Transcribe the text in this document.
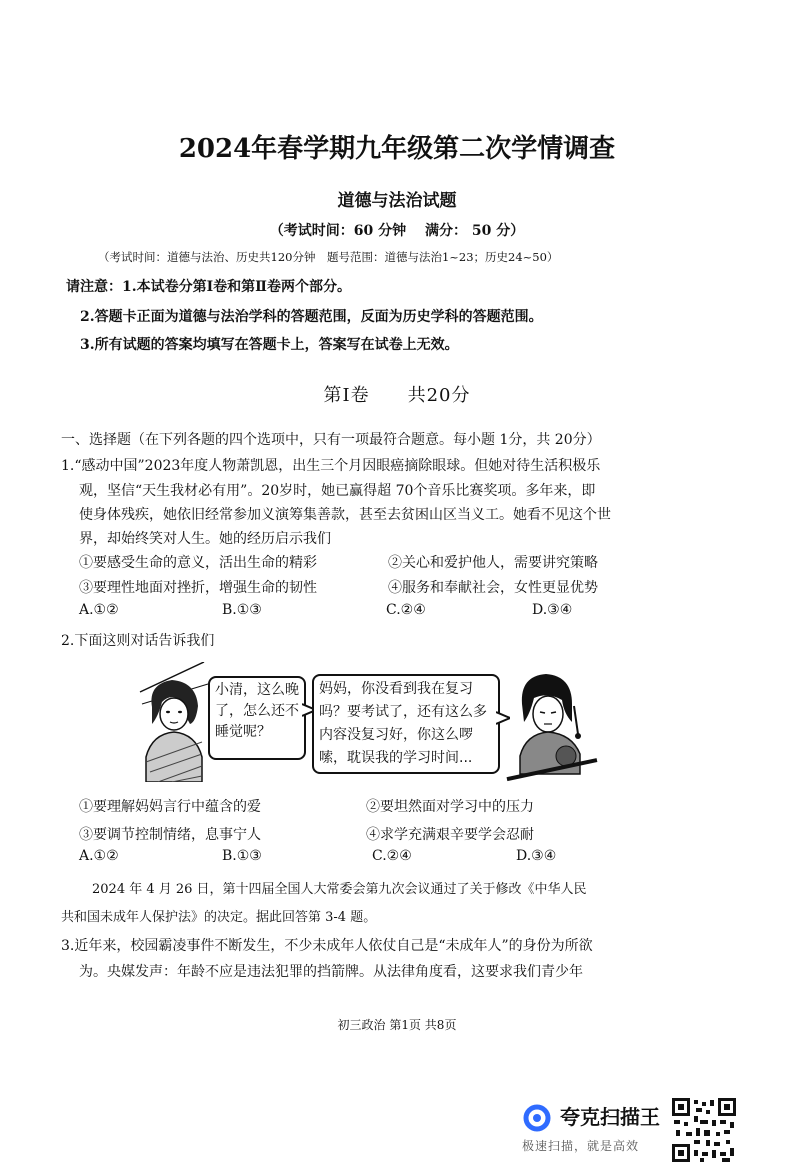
2024年春学期九年级第二次学情调查
道德与法治试题
（考试时间：60 分钟　 满分： 50 分）
（考试时间：道德与法治、历史共120分钟　题号范围：道德与法治1~23；历史24~50）
请注意：1.本试卷分第Ⅰ卷和第Ⅱ卷两个部分。
2.答题卡正面为道德与法治学科的答题范围，反面为历史学科的答题范围。
3.所有试题的答案均填写在答题卡上，答案写在试卷上无效。
第Ⅰ卷　　共20分
一、选择题（在下列各题的四个选项中，只有一项最符合题意。每小题 1分，共 20分）
1.“感动中国”2023年度人物萧凯恩，出生三个月因眼癌摘除眼球。但她对待生活积极乐
观，坚信“天生我材必有用”。20岁时，她已赢得超 70个音乐比赛奖项。多年来，即
使身体残疾，她依旧经常参加义演筹集善款，甚至去贫困山区当义工。她看不见这个世
界，却始终笑对人生。她的经历启示我们
①要感受生命的意义，活出生命的精彩	②关心和爱护他人，需要讲究策略
③要理性地面对挫折，增强生命的韧性	④服务和奉献社会，女性更显优势
A.①②	B.①③	C.②④	D.③④
2.下面这则对话告诉我们
小清，这么晚
了，怎么还不
睡觉呢？
妈妈，你没看到我在复习
吗？要考试了，还有这么多
内容没复习好，你这么啰
嗦，耽误我的学习时间...
①要理解妈妈言行中蕴含的爱	②要坦然面对学习中的压力
③要调节控制情绪，息事宁人	④求学充满艰辛要学会忍耐
A.①②	B.①③	C.②④	D.③④
2024 年 4 月 26 日，第十四届全国人大常委会第九次会议通过了关于修改《中华人民
共和国未成年人保护法》的决定。据此回答第 3-4 题。
3.近年来，校园霸凌事件不断发生，不少未成年人依仗自己是“未成年人”的身份为所欲
为。央媒发声：年龄不应是违法犯罪的挡箭牌。从法律角度看，这要求我们青少年
初三政治 第1页 共8页
夸克扫描王
极速扫描，就是高效
